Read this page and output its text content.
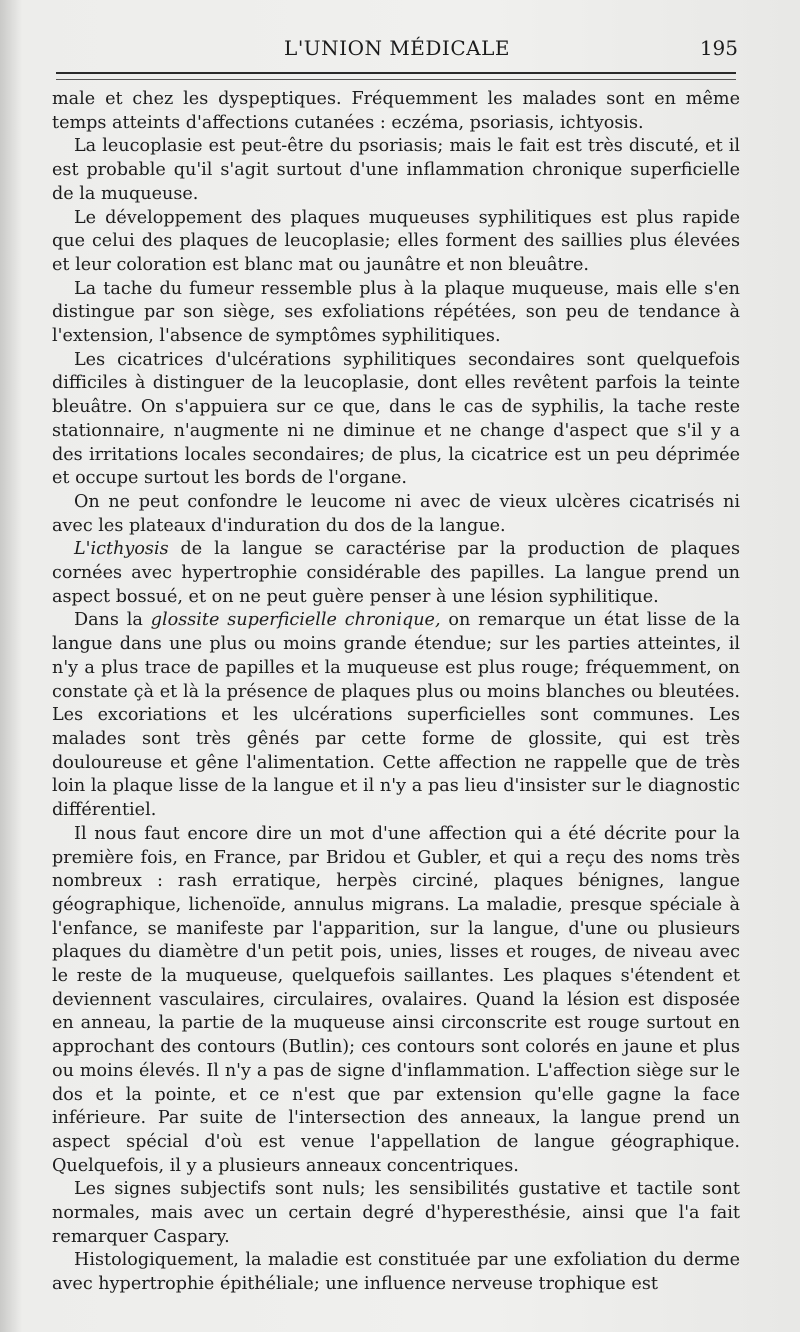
L'UNION MÉDICALE	195

male et chez les dyspeptiques. Fréquemment les malades sont en même temps atteints d'affections cutanées : eczéma, psoriasis, ichtyosis.

La leucoplasie est peut-être du psoriasis; mais le fait est très discuté, et il est probable qu'il s'agit surtout d'une inflammation chronique superficielle de la muqueuse.

Le développement des plaques muqueuses syphilitiques est plus rapide que celui des plaques de leucoplasie; elles forment des saillies plus élevées et leur coloration est blanc mat ou jaunâtre et non bleuâtre.

La tache du fumeur ressemble plus à la plaque muqueuse, mais elle s'en distingue par son siège, ses exfoliations répétées, son peu de tendance à l'extension, l'absence de symptômes syphilitiques.

Les cicatrices d'ulcérations syphilitiques secondaires sont quelquefois difficiles à distinguer de la leucoplasie, dont elles revêtent parfois la teinte bleuâtre. On s'appuiera sur ce que, dans le cas de syphilis, la tache reste stationnaire, n'augmente ni ne diminue et ne change d'aspect que s'il y a des irritations locales secondaires; de plus, la cicatrice est un peu déprimée et occupe surtout les bords de l'organe.

On ne peut confondre le leucome ni avec de vieux ulcères cicatrisés ni avec les plateaux d'induration du dos de la langue.

L'icthyosis de la langue se caractérise par la production de plaques cornées avec hypertrophie considérable des papilles. La langue prend un aspect bossué, et on ne peut guère penser à une lésion syphilitique.

Dans la glossite superficielle chronique, on remarque un état lisse de la langue dans une plus ou moins grande étendue; sur les parties atteintes, il n'y a plus trace de papilles et la muqueuse est plus rouge; fréquemment, on constate çà et là la présence de plaques plus ou moins blanches ou bleutées. Les excoriations et les ulcérations superficielles sont communes. Les malades sont très gênés par cette forme de glossite, qui est très douloureuse et gêne l'alimentation. Cette affection ne rappelle que de très loin la plaque lisse de la langue et il n'y a pas lieu d'insister sur le diagnostic différentiel.

Il nous faut encore dire un mot d'une affection qui a été décrite pour la première fois, en France, par Bridou et Gubler, et qui a reçu des noms très nombreux : rash erratique, herpès circiné, plaques bénignes, langue géographique, lichenoïde, annulus migrans. La maladie, presque spéciale à l'enfance, se manifeste par l'apparition, sur la langue, d'une ou plusieurs plaques du diamètre d'un petit pois, unies, lisses et rouges, de niveau avec le reste de la muqueuse, quelquefois saillantes. Les plaques s'étendent et deviennent vasculaires, circulaires, ovalaires. Quand la lésion est disposée en anneau, la partie de la muqueuse ainsi circonscrite est rouge surtout en approchant des contours (Butlin); ces contours sont colorés en jaune et plus ou moins élevés. Il n'y a pas de signe d'inflammation. L'affection siège sur le dos et la pointe, et ce n'est que par extension qu'elle gagne la face inférieure. Par suite de l'intersection des anneaux, la langue prend un aspect spécial d'où est venue l'appellation de langue géographique. Quelquefois, il y a plusieurs anneaux concentriques.

Les signes subjectifs sont nuls; les sensibilités gustative et tactile sont normales, mais avec un certain degré d'hyperesthésie, ainsi que l'a fait remarquer Caspary.

Histologiquement, la maladie est constituée par une exfoliation du derme avec hypertrophie épithéliale; une influence nerveuse trophique est
